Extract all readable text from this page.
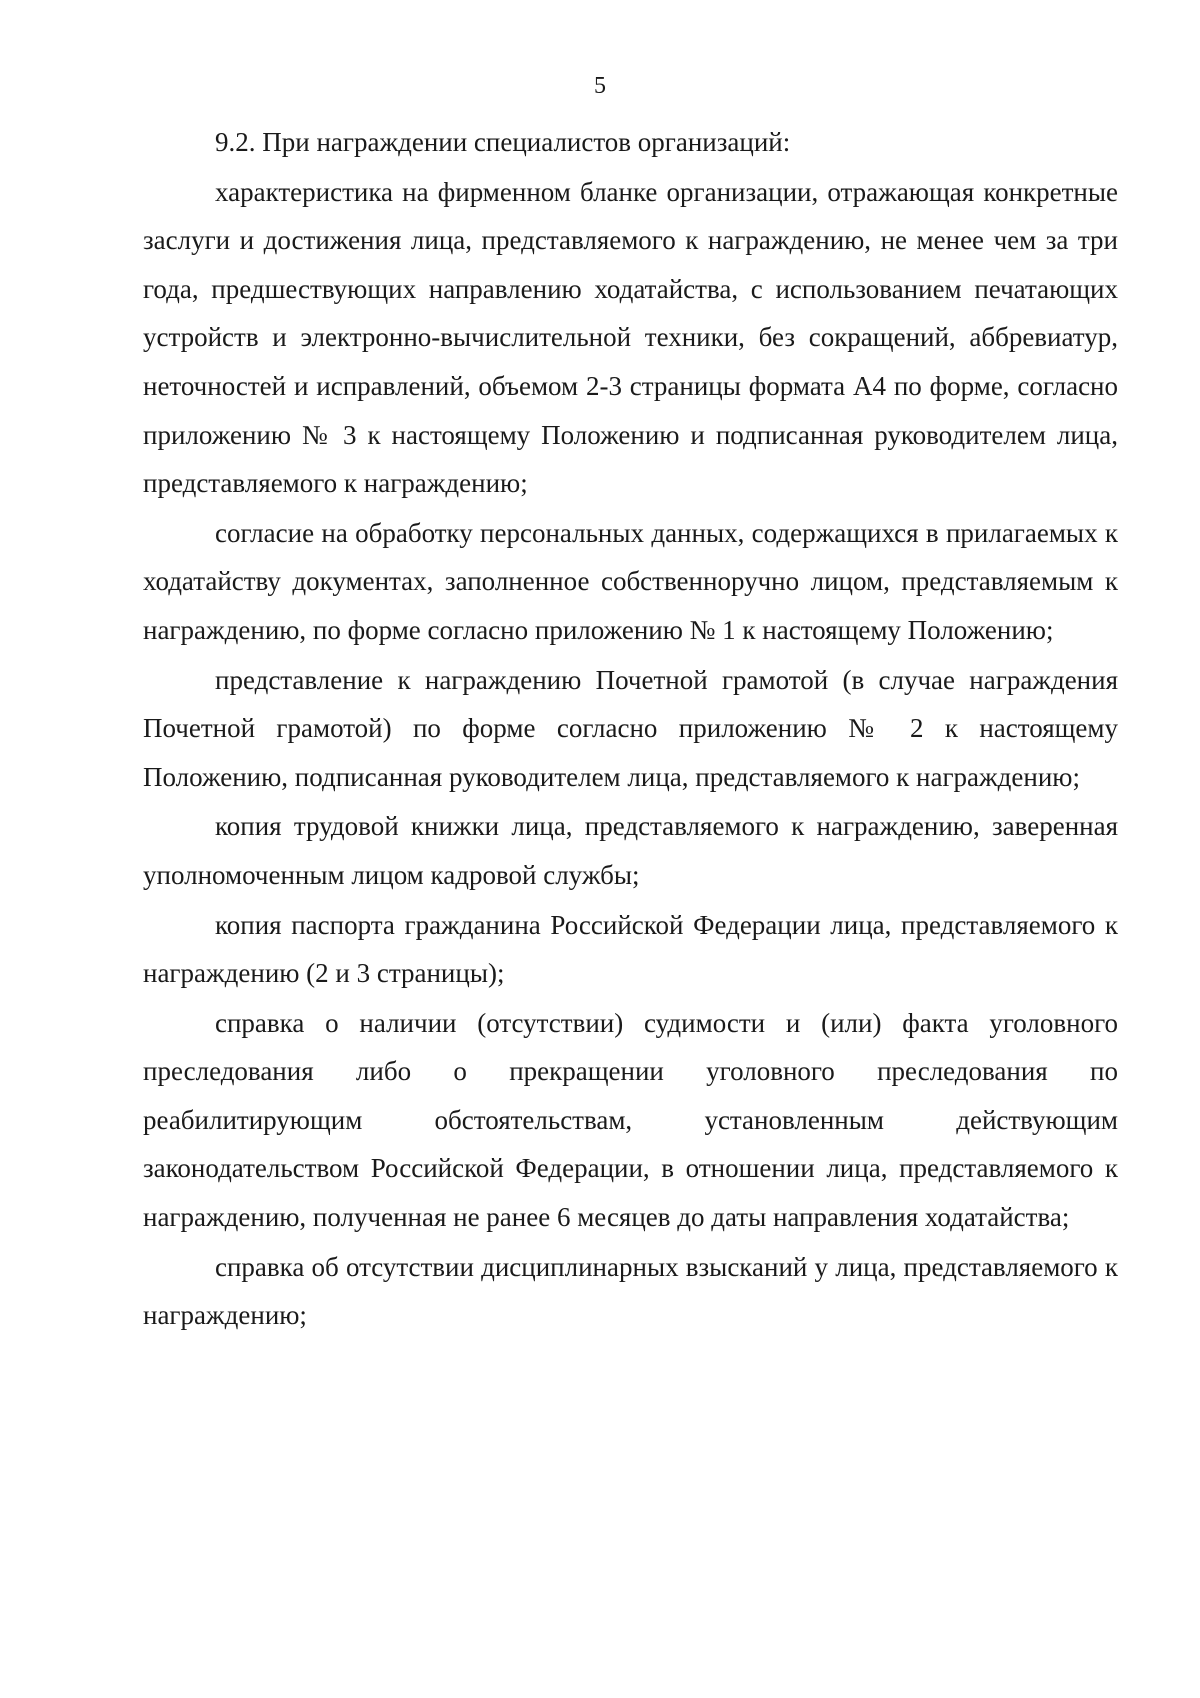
5

9.2. При награждении специалистов организаций:

характеристика на фирменном бланке организации, отражающая конкретные заслуги и достижения лица, представляемого к награждению, не менее чем за три года, предшествующих направлению ходатайства, с использованием печатающих устройств и электронно-вычислительной техники, без сокращений, аббревиатур, неточностей и исправлений, объемом 2-3 страницы формата А4 по форме, согласно приложению № 3 к настоящему Положению и подписанная руководителем лица, представляемого к награждению;

согласие на обработку персональных данных, содержащихся в прилагаемых к ходатайству документах, заполненное собственноручно лицом, представляемым к награждению, по форме согласно приложению № 1 к настоящему Положению;

представление к награждению Почетной грамотой (в случае награждения Почетной грамотой) по форме согласно приложению № 2 к настоящему Положению, подписанная руководителем лица, представляемого к награждению;

копия трудовой книжки лица, представляемого к награждению, заверенная уполномоченным лицом кадровой службы;

копия паспорта гражданина Российской Федерации лица, представляемого к награждению (2 и 3 страницы);

справка о наличии (отсутствии) судимости и (или) факта уголовного преследования либо о прекращении уголовного преследования по реабилитирующим обстоятельствам, установленным действующим законодательством Российской Федерации, в отношении лица, представляемого к награждению, полученная не ранее 6 месяцев до даты направления ходатайства;

справка об отсутствии дисциплинарных взысканий у лица, представляемого к награждению;
